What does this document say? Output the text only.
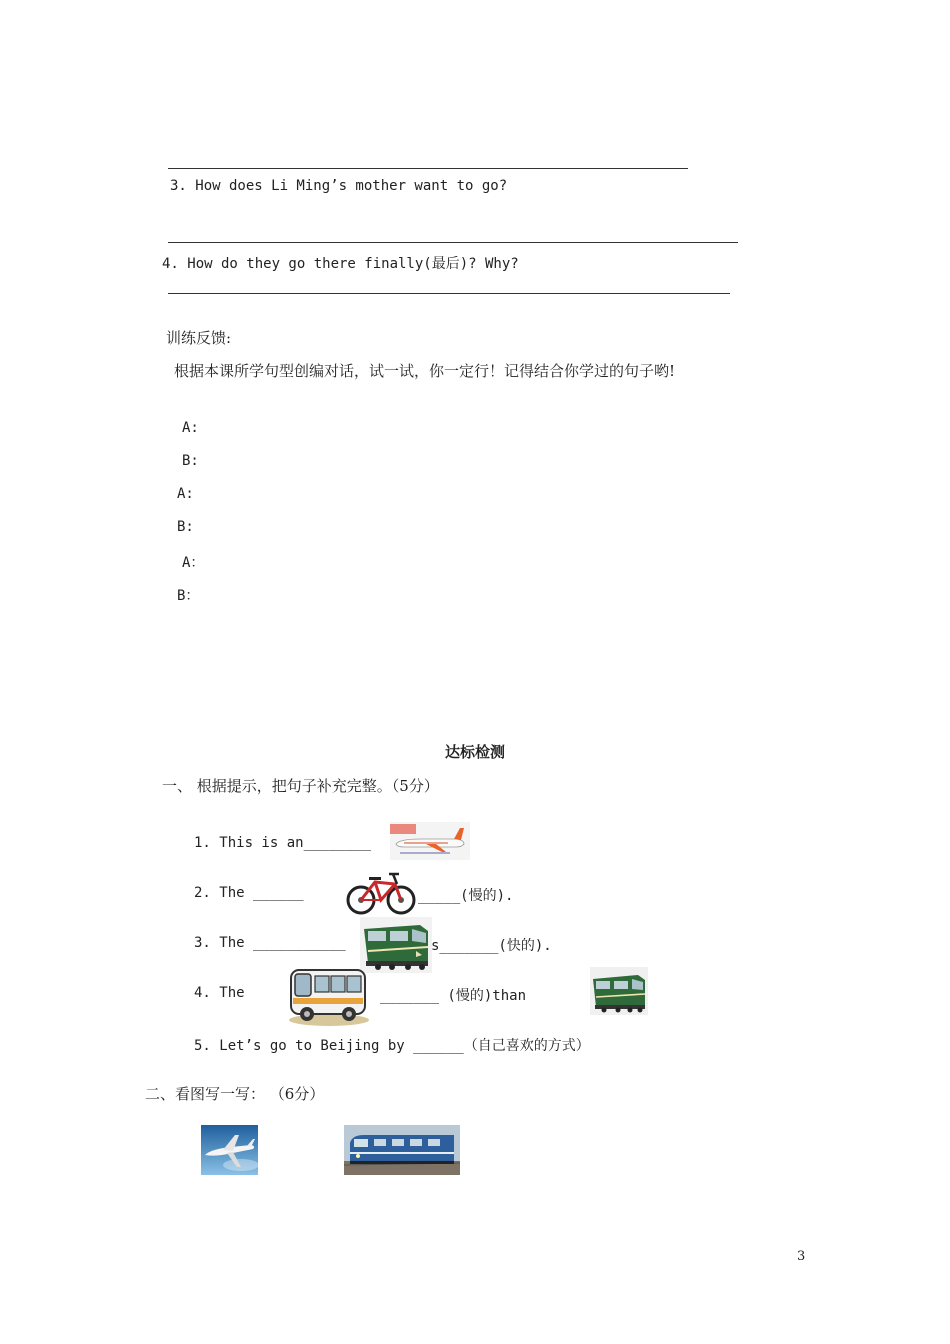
3. How does Li Ming’s mother want to go?
4. How do they go there finally(最后)? Why?
训练反馈:
根据本课所学句型创编对话，试一试，你一定行！记得结合你学过的句子哟!
A:
B:
A:
B:
A：
B：
达标检测
一、 根据提示，把句子补充完整。（5分）
1. This is an________
2. The ______	_____(慢的).
3. The ___________	s_______(快的).
4. The	_______ (慢的)than
5. Let’s go to Beijing by ______（自己喜欢的方式）
二、看图写一写： （6分）
3
